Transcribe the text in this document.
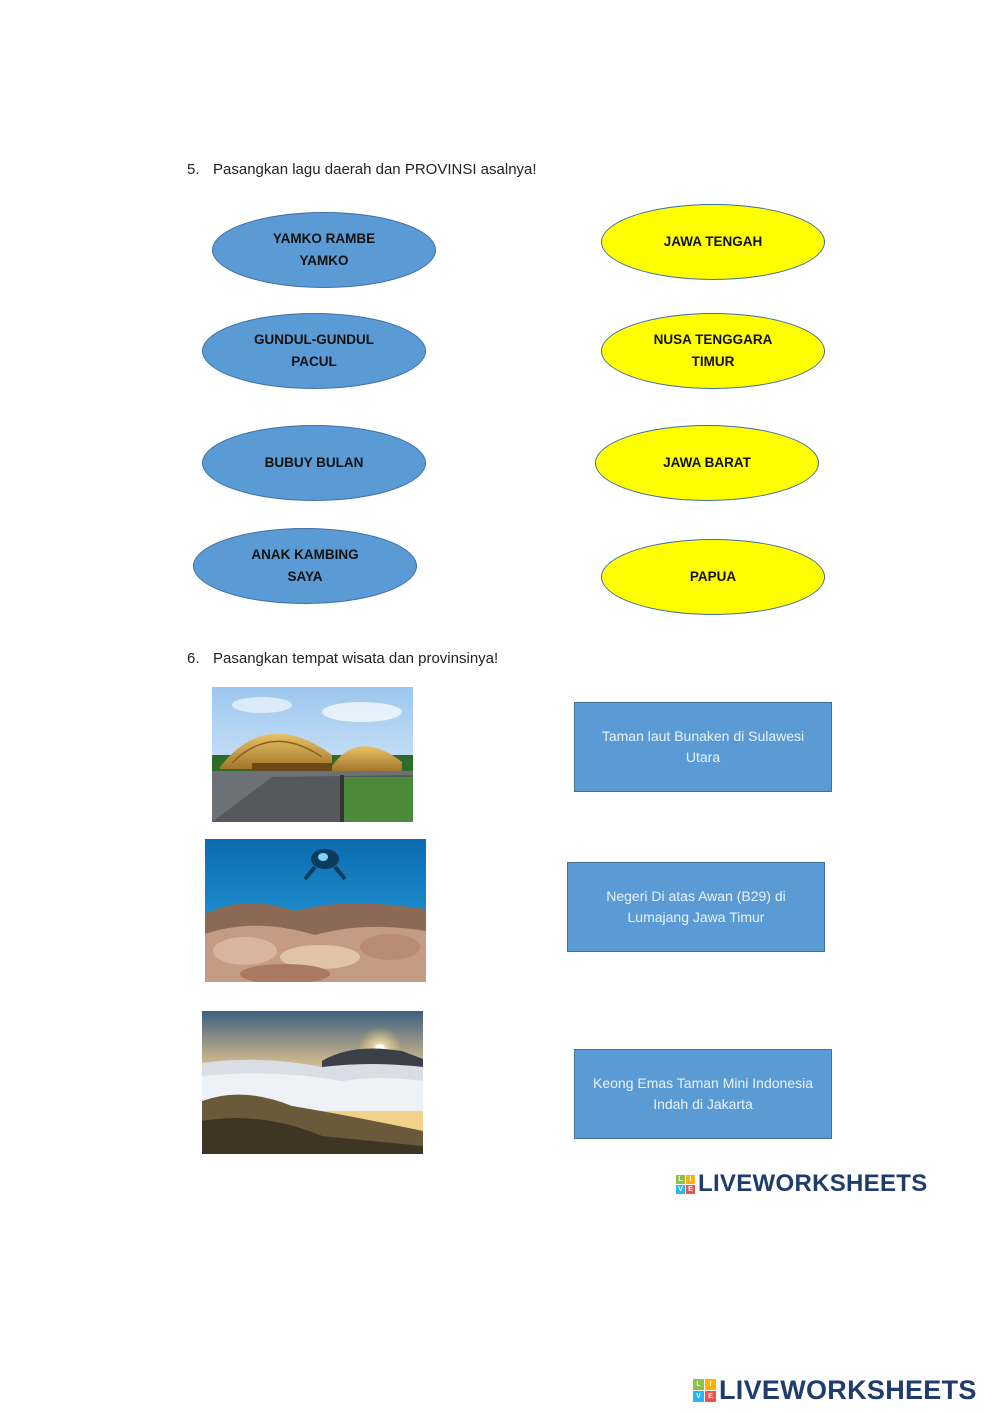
5. Pasangkan lagu daerah dan PROVINSI asalnya!
YAMKO RAMBE
YAMKO
GUNDUL-GUNDUL
PACUL
BUBUY BULAN
ANAK KAMBING
SAYA
JAWA TENGAH
NUSA TENGGARA
TIMUR
JAWA BARAT
PAPUA
6. Pasangkan tempat wisata dan provinsinya!
Taman laut Bunaken di Sulawesi Utara
Negeri Di atas Awan (B29) di Lumajang Jawa Timur
Keong Emas Taman Mini Indonesia Indah di Jakarta
L I
V E LIVEWORKSHEETS
L	I
V	E LIVEWORKSHEETS
